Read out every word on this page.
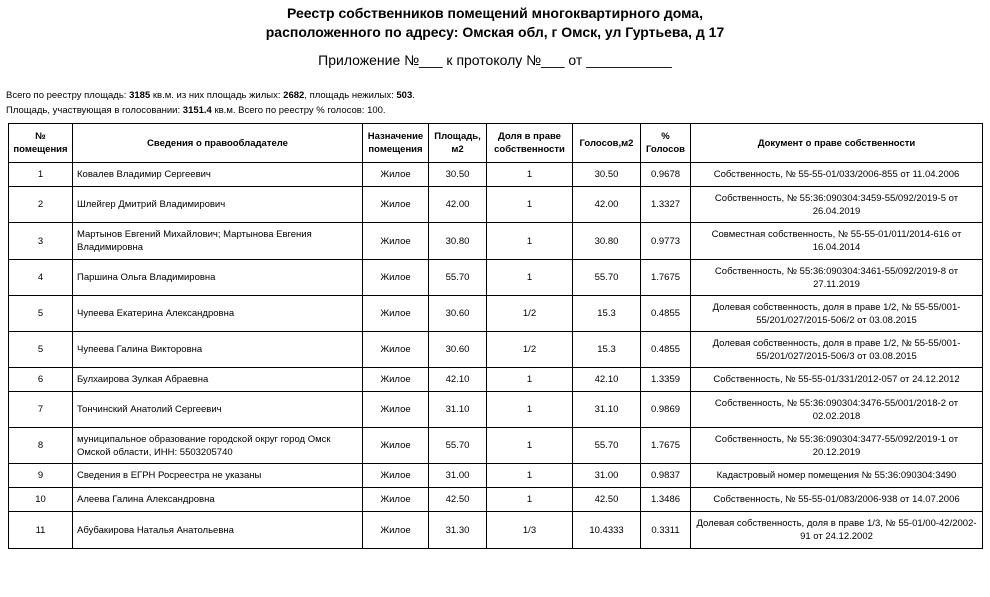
Реестр собственников помещений многоквартирного дома,
расположенного по адресу: Омская обл, г Омск, ул Гуртьева, д 17
Приложение №___ к протоколу №___ от ___________
Всего по реестру площадь: 3185 кв.м. из них площадь жилых: 2682, площадь нежилых: 503.
Площадь, участвующая в голосовании: 3151.4 кв.м. Всего по реестру % голосов: 100.
№ помещения	Сведения о правообладателе	Назначение помещения	Площадь, м2	Доля в праве собственности	Голосов,м2	% Голосов	Документ о праве собственности
1	Ковалев Владимир Сергеевич	Жилое	30.50	1	30.50	0.9678	Собственность, № 55-55-01/033/2006-855 от 11.04.2006
2	Шлейгер Дмитрий Владимирович	Жилое	42.00	1	42.00	1.3327	Собственность, № 55:36:090304:3459-55/092/2019-5 от 26.04.2019
3	Мартынов Евгений Михайлович; Мартынова Евгения Владимировна	Жилое	30.80	1	30.80	0.9773	Совместная собственность, № 55-55-01/011/2014-616 от 16.04.2014
4	Паршина Ольга Владимировна	Жилое	55.70	1	55.70	1.7675	Собственность, № 55:36:090304:3461-55/092/2019-8 от 27.11.2019
5	Чупеева Екатерина Александровна	Жилое	30.60	1/2	15.3	0.4855	Долевая собственность, доля в праве 1/2, № 55-55/001-55/201/027/2015-506/2 от 03.08.2015
5	Чупеева Галина Викторовна	Жилое	30.60	1/2	15.3	0.4855	Долевая собственность, доля в праве 1/2, № 55-55/001-55/201/027/2015-506/3 от 03.08.2015
6	Булхаирова Зулкая Абраевна	Жилое	42.10	1	42.10	1.3359	Собственность, № 55-55-01/331/2012-057 от 24.12.2012
7	Тончинский Анатолий Сергеевич	Жилое	31.10	1	31.10	0.9869	Собственность, № 55:36:090304:3476-55/001/2018-2 от 02.02.2018
8	муниципальное образование городской округ город Омск Омской области, ИНН: 5503205740	Жилое	55.70	1	55.70	1.7675	Собственность, № 55:36:090304:3477-55/092/2019-1 от 20.12.2019
9	Сведения в ЕГРН Росреестра не указаны	Жилое	31.00	1	31.00	0.9837	Кадастровый номер помещения № 55:36:090304:3490
10	Алеева Галина Александровна	Жилое	42.50	1	42.50	1.3486	Собственность, № 55-55-01/083/2006-938 от 14.07.2006
11	Абубакирова Наталья Анатольевна	Жилое	31.30	1/3	10.4333	0.3311	Долевая собственность, доля в праве 1/3, № 55-01/00-42/2002-91 от 24.12.2002
